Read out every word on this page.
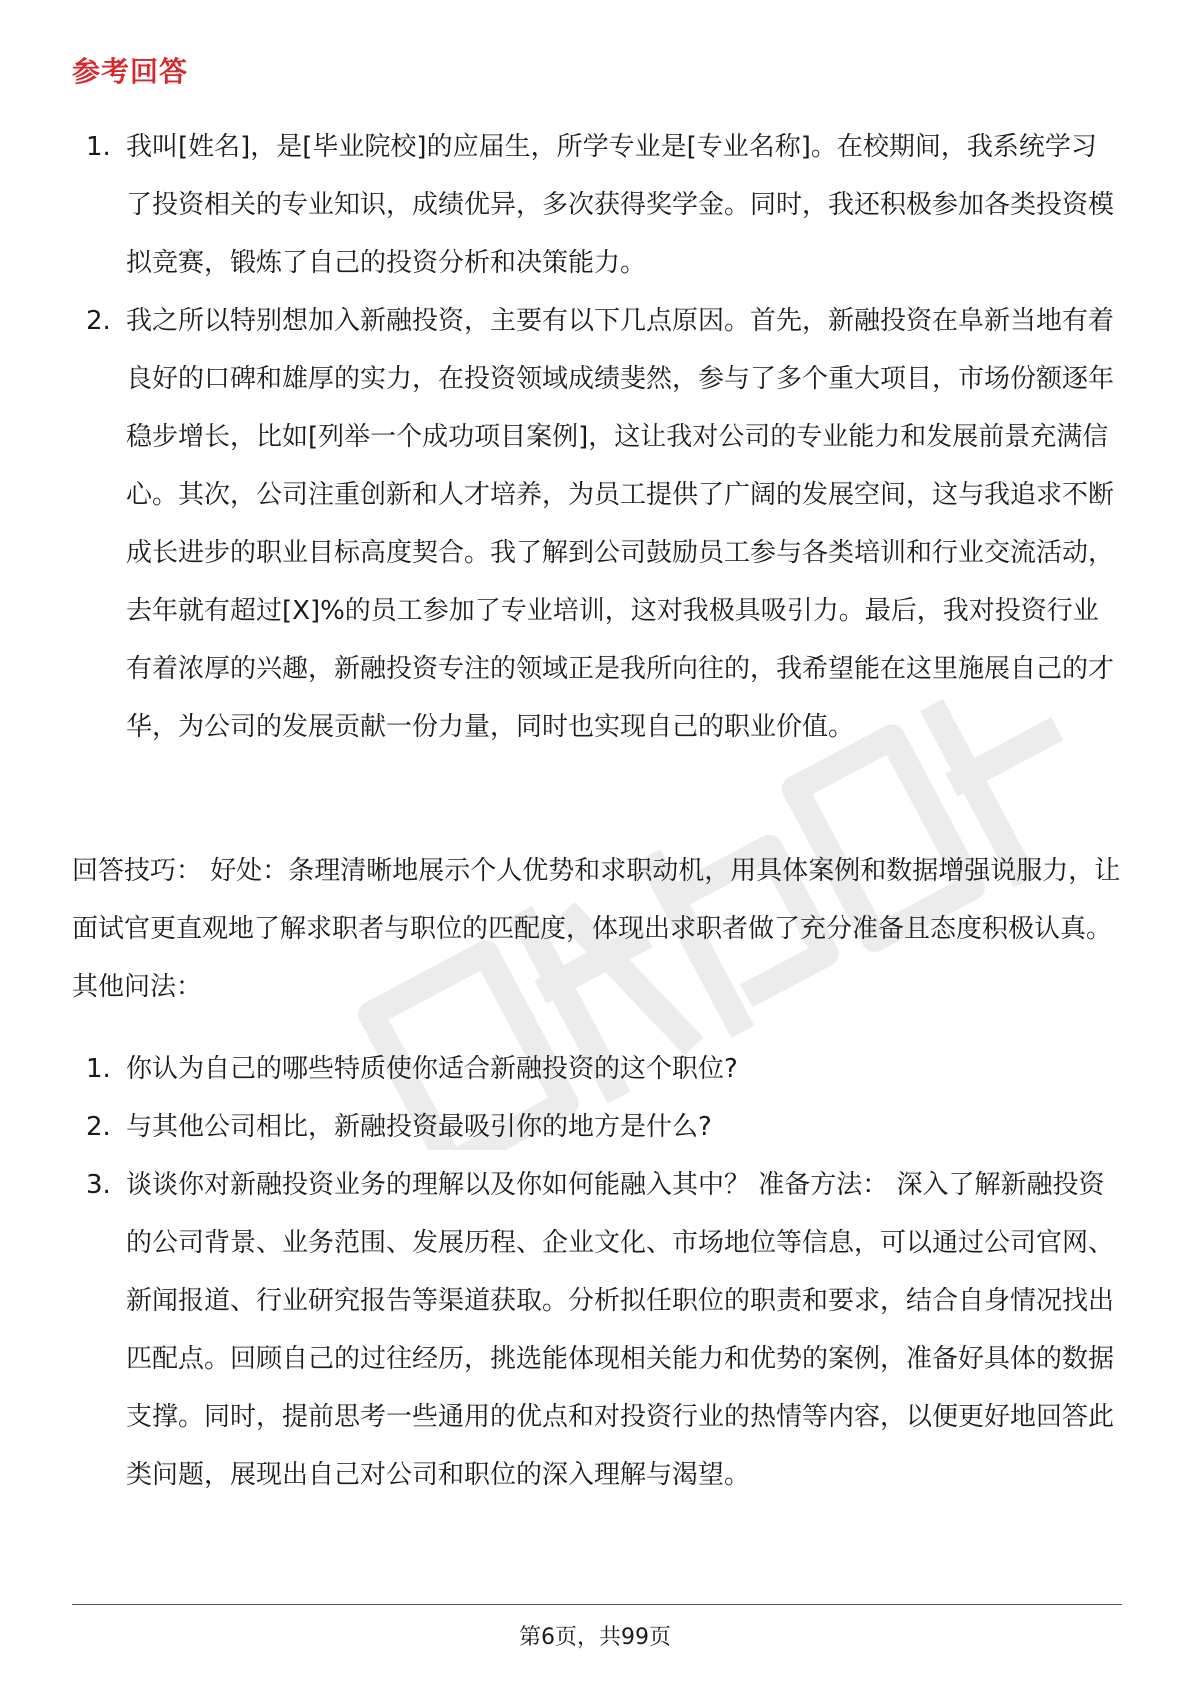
参考回答
1. 我叫[姓名]，是[毕业院校]的应届生，所学专业是[专业名称]。在校期间，我系统学习了投资相关的专业知识，成绩优异，多次获得奖学金。同时，我还积极参加各类投资模拟竞赛，锻炼了自己的投资分析和决策能力。
2. 我之所以特别想加入新融投资，主要有以下几点原因。首先，新融投资在阜新当地有着良好的口碑和雄厚的实力，在投资领域成绩斐然，参与了多个重大项目，市场份额逐年稳步增长，比如[列举一个成功项目案例]，这让我对公司的专业能力和发展前景充满信心。其次，公司注重创新和人才培养，为员工提供了广阔的发展空间，这与我追求不断成长进步的职业目标高度契合。我了解到公司鼓励员工参与各类培训和行业交流活动，去年就有超过[X]%的员工参加了专业培训，这对我极具吸引力。最后，我对投资行业有着浓厚的兴趣，新融投资专注的领域正是我所向往的，我希望能在这里施展自己的才华，为公司的发展贡献一份力量，同时也实现自己的职业价值。

回答技巧： 好处：条理清晰地展示个人优势和求职动机，用具体案例和数据增强说服力，让面试官更直观地了解求职者与职位的匹配度，体现出求职者做了充分准备且态度积极认真。 其他问法：

1. 你认为自己的哪些特质使你适合新融投资的这个职位?
2. 与其他公司相比，新融投资最吸引你的地方是什么?
3. 谈谈你对新融投资业务的理解以及你如何能融入其中？ 准备方法： 深入了解新融投资的公司背景、业务范围、发展历程、企业文化、市场地位等信息，可以通过公司官网、新闻报道、行业研究报告等渠道获取。分析拟任职位的职责和要求，结合自身情况找出匹配点。回顾自己的过往经历，挑选能体现相关能力和优势的案例，准备好具体的数据支撑。同时，提前思考一些通用的优点和对投资行业的热情等内容，以便更好地回答此类问题，展现出自己对公司和职位的深入理解与渴望。
第6页，共99页
